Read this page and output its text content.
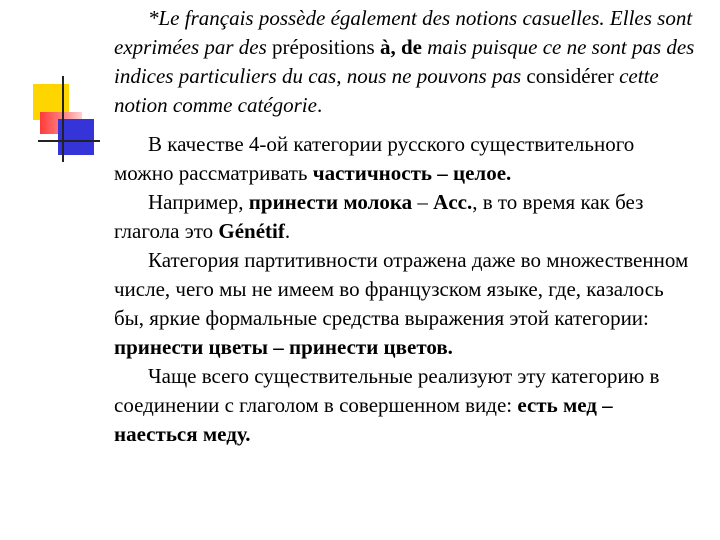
*Le français possède également des notions casuelles. Elles sont exprimées par des prépositions à, de mais puisque ce ne sont pas des indices particuliers du cas, nous ne pouvons pas considérer cette notion comme catégorie.

В качестве 4-ой категории русского существительного можно рассматривать частичность – целое.

Например, принести молока – Acc., в то время как без глагола это Génétif.

Категория партитивности отражена даже во множественном числе, чего мы не имеем во французском языке, где, казалось бы, яркие формальные средства выражения этой категории: принести цветы – принести цветов.

Чаще всего существительные реализуют эту категорию в соединении с глаголом в совершенном виде: есть мед – наесться меду.
